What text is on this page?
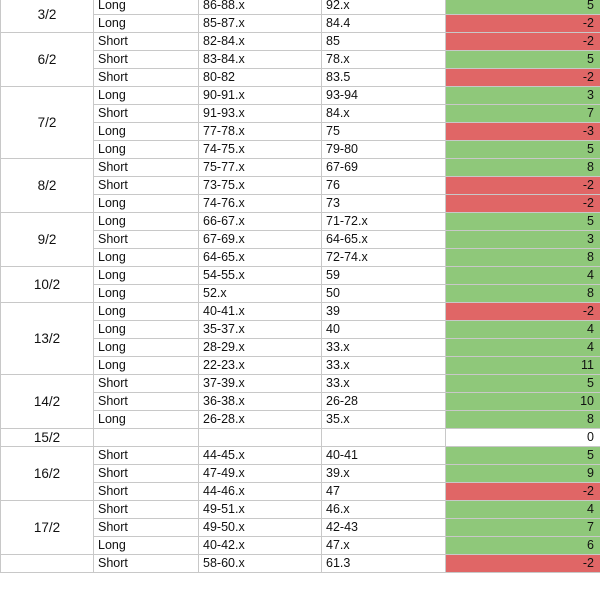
3/2	Long	86-88.x	92.x	5
	Long	85-87.x	84.4	-2
6/2	Short	82-84.x	85	-2
	Short	83-84.x	78.x	5
	Short	80-82	83.5	-2
7/2	Long	90-91.x	93-94	3
	Short	91-93.x	84.x	7
	Long	77-78.x	75	-3
	Long	74-75.x	79-80	5
8/2	Short	75-77.x	67-69	8
	Short	73-75.x	76	-2
	Long	74-76.x	73	-2
9/2	Long	66-67.x	71-72.x	5
	Short	67-69.x	64-65.x	3
	Long	64-65.x	72-74.x	8
10/2	Long	54-55.x	59	4
	Long	52.x	50	8
13/2	Long	40-41.x	39	-2
	Long	35-37.x	40	4
	Long	28-29.x	33.x	4
	Long	22-23.x	33.x	11
14/2	Short	37-39.x	33.x	5
	Short	36-38.x	26-28	10
	Long	26-28.x	35.x	8
15/2				0
16/2	Short	44-45.x	40-41	5
	Short	47-49.x	39.x	9
	Short	44-46.x	47	-2
17/2	Short	49-51.x	46.x	4
	Short	49-50.x	42-43	7
	Long	40-42.x	47.x	6
	Short	58-60.x	61.3	-2
